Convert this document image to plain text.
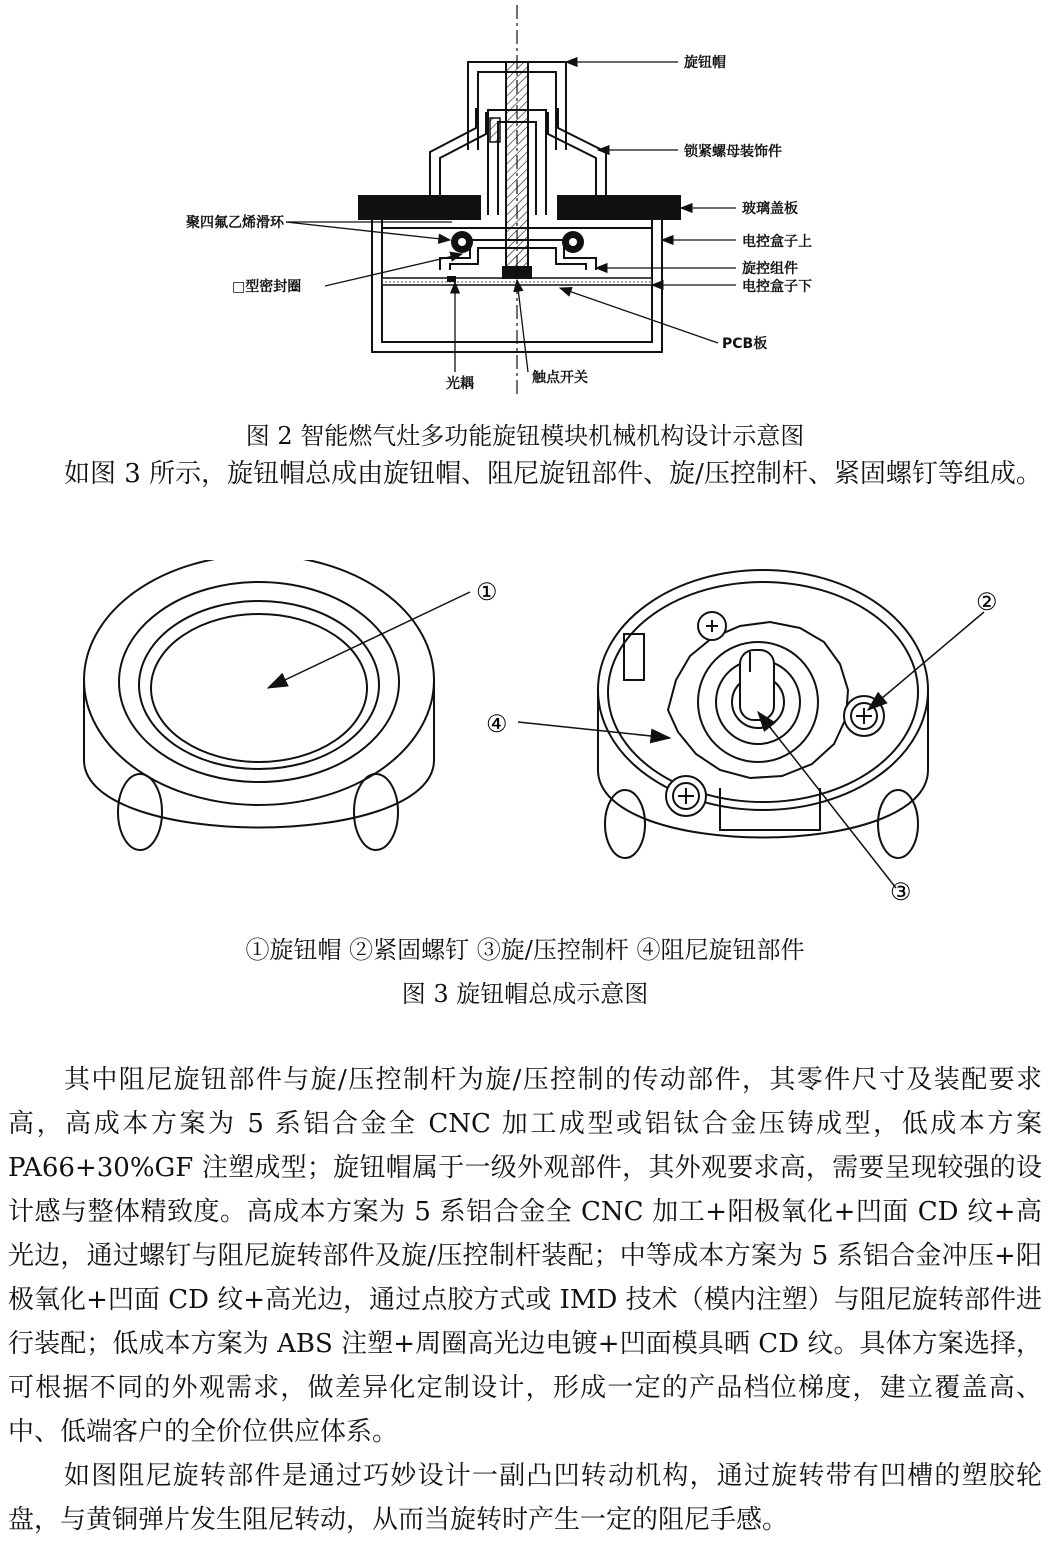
旋钮帽
锁紧螺母装饰件
玻璃盖板
聚四氟乙烯滑环
电控盒子上
旋控组件
□型密封圈	电控盒子下
PCB板
光耦	触点开关
图 2 智能燃气灶多功能旋钮模块机械机构设计示意图

如图 3 所示，旋钮帽总成由旋钮帽、阻尼旋钮部件、旋/压控制杆、紧固螺钉等组成。

①	②
③
④
①旋钮帽 ②紧固螺钉 ③旋/压控制杆 ④阻尼旋钮部件
图 3 旋钮帽总成示意图

其中阻尼旋钮部件与旋/压控制杆为旋/压控制的传动部件，其零件尺寸及装配要求高，高成本方案为 5 系铝合金全 CNC 加工成型或铝钛合金压铸成型，低成本方案 PA66+30%GF 注塑成型；旋钮帽属于一级外观部件，其外观要求高，需要呈现较强的设计感与整体精致度。高成本方案为 5 系铝合金全 CNC 加工+阳极氧化+凹面 CD 纹+高光边，通过螺钉与阻尼旋转部件及旋/压控制杆装配；中等成本方案为 5 系铝合金冲压+阳极氧化+凹面 CD 纹+高光边，通过点胶方式或 IMD 技术（模内注塑）与阻尼旋转部件进行装配；低成本方案为 ABS 注塑+周圈高光边电镀+凹面模具晒 CD 纹。具体方案选择，可根据不同的外观需求，做差异化定制设计，形成一定的产品档位梯度，建立覆盖高、中、低端客户的全价位供应体系。

如图阻尼旋转部件是通过巧妙设计一副凸凹转动机构，通过旋转带有凹槽的塑胶轮盘，与黄铜弹片发生阻尼转动，从而当旋转时产生一定的阻尼手感。
